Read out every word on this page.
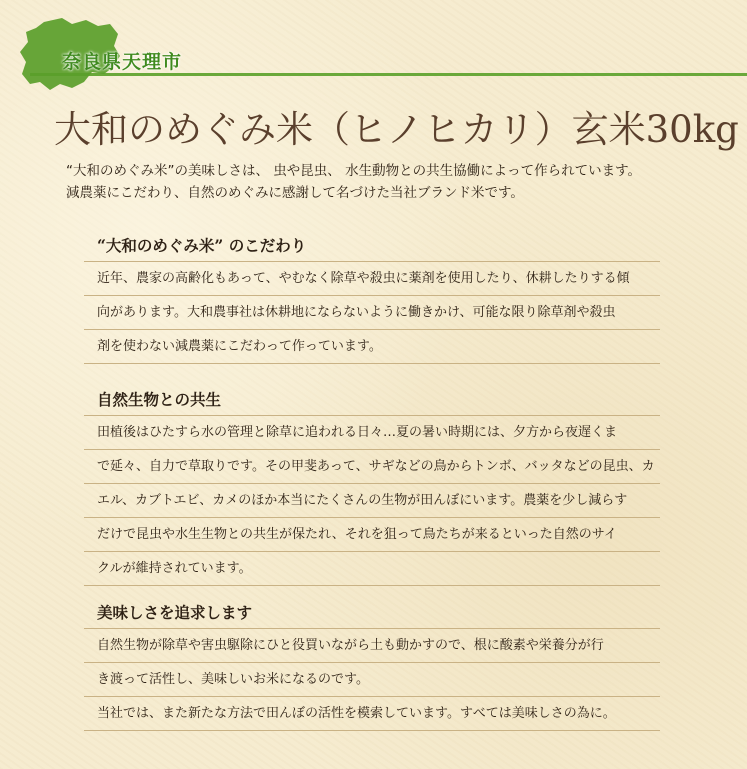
奈良県天理市
大和のめぐみ米（ヒノヒカリ）玄米30kg

“大和のめぐみ米”の美味しさは、 虫や昆虫、 水生動物との共生協働によって作られています。

減農薬にこだわり、自然のめぐみに感謝して名づけた当社ブランド米です。

“大和のめぐみ米” のこだわり
近年、農家の高齢化もあって、やむなく除草や殺虫に薬剤を使用したり、休耕したりする傾
向があります。大和農事社は休耕地にならないように働きかけ、可能な限り除草剤や殺虫
剤を使わない減農薬にこだわって作っています。
自然生物との共生
田植後はひたすら水の管理と除草に追われる日々…夏の暑い時期には、夕方から夜遅くま
で延々、自力で草取りです。その甲斐あって、サギなどの鳥からトンボ、バッタなどの昆虫、カ
エル、カブトエビ、カメのほか本当にたくさんの生物が田んぼにいます。農薬を少し減らす
だけで昆虫や水生生物との共生が保たれ、それを狙って鳥たちが来るといった自然のサイ
クルが維持されています。
美味しさを追求します
自然生物が除草や害虫駆除にひと役買いながら土も動かすので、根に酸素や栄養分が行
き渡って活性し、美味しいお米になるのです。
当社では、また新たな方法で田んぼの活性を模索しています。すべては美味しさの為に。
